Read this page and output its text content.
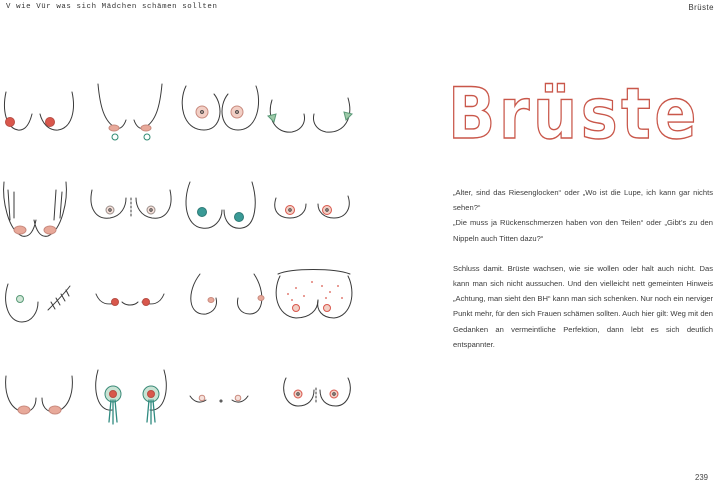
V wie Vür was sich Mädchen schämen sollten	Brüste
Brüste

„Alter, sind das Riesenglocken“ oder „Wo ist die Lupe, ich kann gar nichts sehen?“

„Die muss ja Rückenschmerzen haben von den Teilen“ oder „Gibt’s zu den Nippeln auch Titten dazu?“

Schluss damit. Brüste wachsen, wie sie wollen oder halt auch nicht. Das kann man sich nicht aussuchen. Und den vielleicht nett gemeinten Hinweis „Achtung, man sieht den BH“ kann man sich schenken. Nur noch ein nerviger Punkt mehr, für den sich Frauen schämen sollten. Auch hier gilt: Weg mit den Gedanken an vermeintliche Perfektion, dann lebt es sich deutlich entspannter.

239
